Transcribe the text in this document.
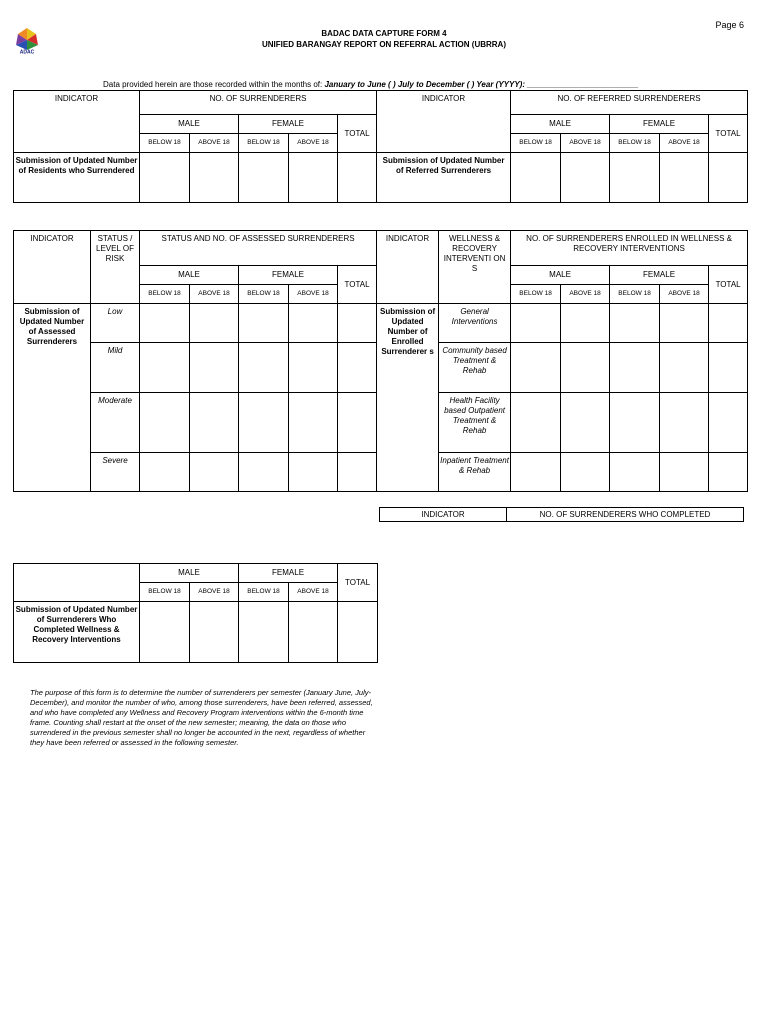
Page 6
ADAC
BADAC DATA CAPTURE FORM 4
UNIFIED BARANGAY REPORT ON REFERRAL ACTION (UBRRA)
Data provided herein are those recorded within the months of: January to June ( ) July to December ( ) Year (YYYY): _________________________
INDICATOR	NO. OF SURRENDERERS					INDICATOR	NO. OF REFERRED SURRENDERERS				
	MALE		FEMALE		TOTAL		MALE		FEMALE		TOTAL
	BELOW 18	ABOVE 18	BELOW 18	ABOVE 18			BELOW 18	ABOVE 18	BELOW 18	ABOVE 18	
Submission of Updated Number of Residents who Surrendered						Submission of Updated Number of Referred Surrenderers					
INDICATOR	STATUS / LEVEL OF RISK	STATUS AND NO. OF ASSESSED SURRENDERERS					INDICATOR	WELLNESS & RECOVERY INTERVENTI ON S	NO. OF SURRENDERERS ENROLLED IN WELLNESS & RECOVERY INTERVENTIONS				
		MALE		FEMALE		TOTAL			MALE		FEMALE		TOTAL
		BELOW 18	ABOVE 18	BELOW 18	ABOVE 18				BELOW 18	ABOVE 18	BELOW 18	ABOVE 18	
Submission of Updated Number of Assessed Surrenderers	Low						Submission of Updated Number of Enrolled Surrenderer s	General Interventions					
	Mild							Community based Treatment & Rehab					
	Moderate							Health Facility based Outpatient Treatment & Rehab					
	Severe							Inpatient Treatment & Rehab					
INDICATOR	NO. OF SURRENDERERS WHO COMPLETED
	MALE		FEMALE		TOTAL
	BELOW 18	ABOVE 18	BELOW 18	ABOVE 18	
Submission of Updated Number of Surrenderers Who Completed Wellness & Recovery Interventions					
The purpose of this form is to determine the number of surrenderers per semester (January June, July-December), and monitor the number of who, among those surrenderers, have been referred, assessed, and who have completed any Wellness and Recovery Program interventions within the 6-month time frame. Counting shall restart at the onset of the new semester; meaning, the data on those who surrendered in the previous semester shall no longer be accounted in the next, regardless of whether they have been referred or assessed in the following semester.
